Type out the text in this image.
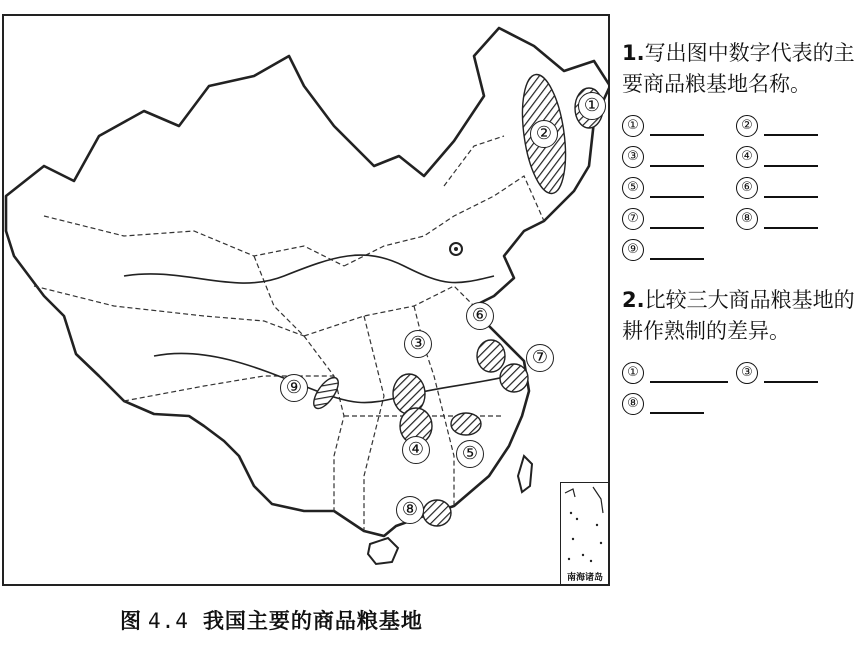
①
②
③
④	⑤
⑥
⑦
⑧
⑨
南海诸岛

1.写出图中数字代表的主要商品粮基地名称。

①	②
③	④
⑤	⑥
⑦	⑧
⑨

2.比较三大商品粮基地的耕作熟制的差异。

①	③
⑧
图 4.4 我国主要的商品粮基地
